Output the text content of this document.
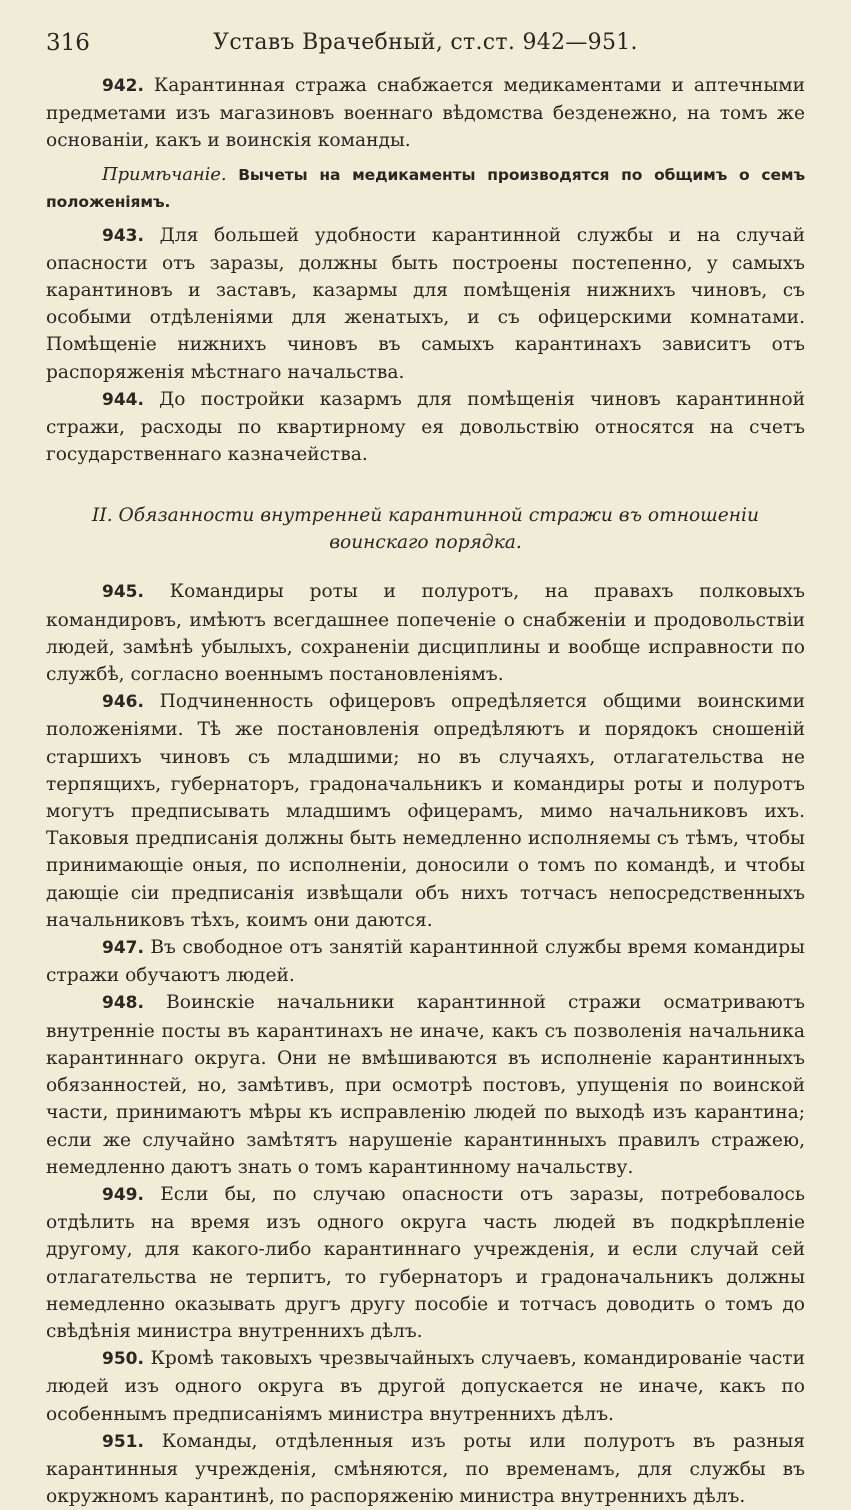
316	Уставъ Врачебный, ст.ст. 942—951.

942. Карантинная стража снабжается медикаментами и аптечными предметами изъ магазиновъ военнаго вѣдомства безденежно, на томъ же основаніи, какъ и воинскія команды.

Примѣчаніе. Вычеты на медикаменты производятся по общимъ о семъ положеніямъ.

943. Для большей удобности карантинной службы и на случай опасности отъ заразы, должны быть построены постепенно, у самыхъ карантиновъ и заставъ, казармы для помѣщенія нижнихъ чиновъ, съ особыми отдѣленіями для женатыхъ, и съ офицерскими комнатами. Помѣщеніе нижнихъ чиновъ въ самыхъ карантинахъ зависитъ отъ распоряженія мѣстнаго начальства.

944. До постройки казармъ для помѣщенія чиновъ карантинной стражи, расходы по квартирному ея довольствію относятся на счетъ государственнаго казначейства.

II. Обязанности внутренней карантинной стражи въ отношеніи
воинскаго порядка.

945. Командиры роты и полуротъ, на правахъ полковыхъ командировъ, имѣютъ всегдашнее попеченіе о снабженіи и продовольствіи людей, замѣнѣ убылыхъ, сохраненіи дисциплины и вообще исправности по службѣ, согласно военнымъ постановленіямъ.

946. Подчиненность офицеровъ опредѣляется общими воинскими положеніями. Тѣ же постановленія опредѣляютъ и порядокъ сношеній старшихъ чиновъ съ младшими; но въ случаяхъ, отлагательства не терпящихъ, губернаторъ, градоначальникъ и командиры роты и полуротъ могутъ предписывать младшимъ офицерамъ, мимо начальниковъ ихъ. Таковыя предписанія должны быть немедленно исполняемы съ тѣмъ, чтобы принимающіе оныя, по исполненіи, доносили о томъ по командѣ, и чтобы дающіе сіи предписанія извѣщали объ нихъ тотчасъ непосредственныхъ начальниковъ тѣхъ, коимъ они даются.

947. Въ свободное отъ занятій карантинной службы время командиры стражи обучаютъ людей.

948. Воинскіе начальники карантинной стражи осматриваютъ внутренніе посты въ карантинахъ не иначе, какъ съ позволенія начальника карантиннаго округа. Они не вмѣшиваются въ исполненіе карантинныхъ обязанностей, но, замѣтивъ, при осмотрѣ постовъ, упущенія по воинской части, принимаютъ мѣры къ исправленію людей по выходѣ изъ карантина; если же случайно замѣтятъ нарушеніе карантинныхъ правилъ стражею, немедленно даютъ знать о томъ карантинному начальству.

949. Если бы, по случаю опасности отъ заразы, потребовалось отдѣлить на время изъ одного округа часть людей въ подкрѣпленіе другому, для какого-либо карантиннаго учрежденія, и если случай сей отлагательства не терпитъ, то губернаторъ и градоначальникъ должны немедленно оказывать другъ другу пособіе и тотчасъ доводить о томъ до свѣдѣнія министра внутреннихъ дѣлъ.

950. Кромѣ таковыхъ чрезвычайныхъ случаевъ, командированіе части людей изъ одного округа въ другой допускается не иначе, какъ по особеннымъ предписаніямъ министра внутреннихъ дѣлъ.

951. Команды, отдѣленныя изъ роты или полуротъ въ разныя карантинныя учрежденія, смѣняются, по временамъ, для службы въ окружномъ карантинѣ, по распоряженію министра внутреннихъ дѣлъ.
